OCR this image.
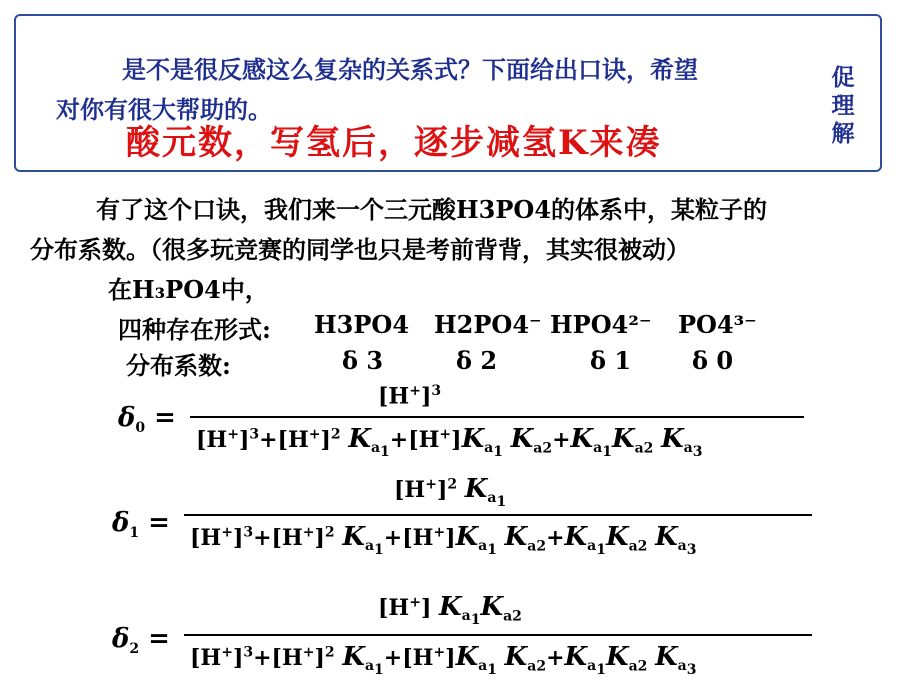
是不是很反感这么复杂的关系式？下面给出口诀，希望
对你有很大帮助的。
促
理
解
酸元数，写氢后，逐步减氢K来凑
有了这个口诀，我们来一个三元酸H3PO4的体系中，某粒子的
分布系数。（很多玩竞赛的同学也只是考前背背，其实很被动）
在H₃PO4中，
四种存在形式: H3PO4 H2PO4⁻ HPO4²⁻ PO4³⁻
分布系数:	δ 3	δ 2	δ 1	δ 0
$\delta_0$ =
$[H^+]^3$
$[H^+]^3+[H^+]^2$ $K_{a_1}+[H^+]K_{a_1}$ $K_{a2}+K_{a_1}K_{a2}$ $K_{a_3}$
$\delta_1$ =
$[H^+]^2$ $K_{a_1}$
$[H^+]^3+[H^+]^2$ $K_{a_1}+[H^+]K_{a_1}$ $K_{a2}+K_{a_1}K_{a2}$ $K_{a_3}$
$\delta_2$ =
[H+] $K_{a_1}K_{a2}$
$[H^+]^3+[H^+]^2$ $K_{a_1}+[H^+]K_{a_1}$ $K_{a2}+K_{a_1}K_{a2}$ $K_{a_3}$
